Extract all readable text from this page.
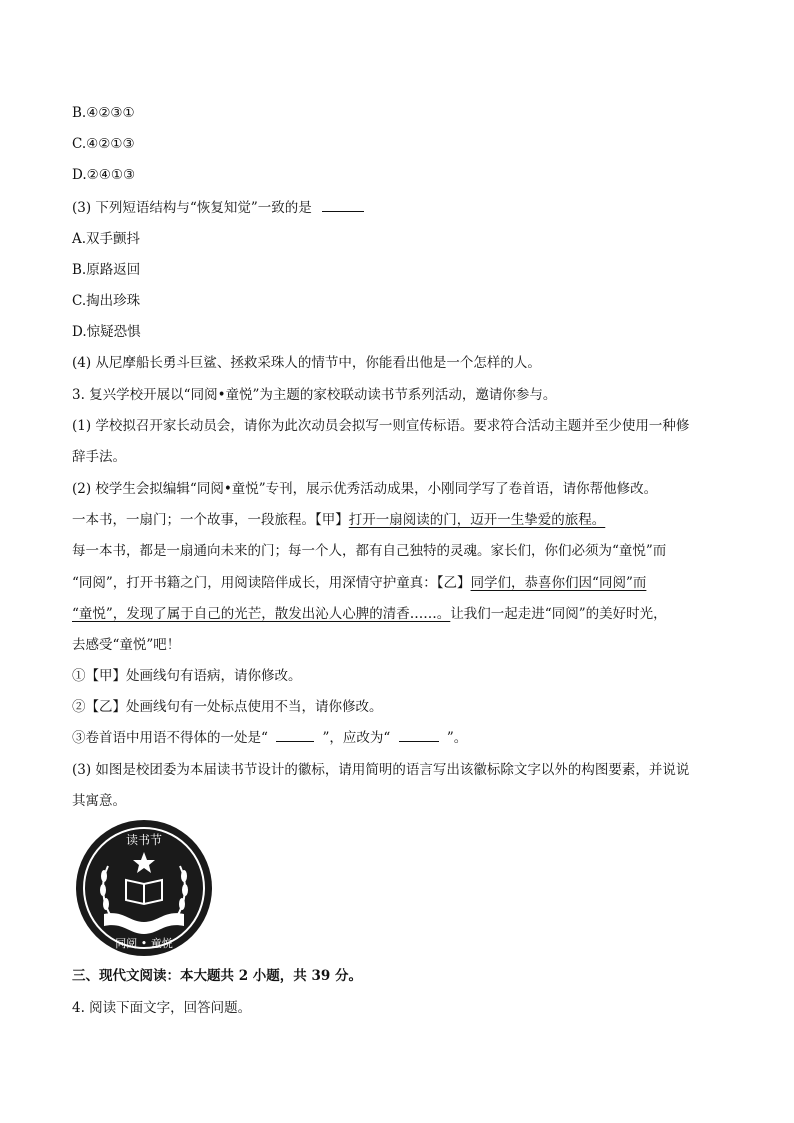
B.④②③①
C.④②①③
D.②④①③
(3) 下列短语结构与“恢复知觉”一致的是
A.双手颤抖
B.原路返回
C.掏出珍珠
D.惊疑恐惧
(4) 从尼摩船长勇斗巨鲨、拯救采珠人的情节中，你能看出他是一个怎样的人。
3. 复兴学校开展以“同阅•童悦”为主题的家校联动读书节系列活动，邀请你参与。
(1) 学校拟召开家长动员会，请你为此次动员会拟写一则宣传标语。要求符合活动主题并至少使用一种修
辞手法。
(2) 校学生会拟编辑“同阅•童悦”专刊，展示优秀活动成果，小刚同学写了卷首语，请你帮他修改。
一本书，一扇门；一个故事，一段旅程。【甲】打开一扇阅读的门，迈开一生挚爱的旅程。
每一本书，都是一扇通向未来的门；每一个人，都有自己独特的灵魂。家长们，你们必须为“童悦”而
“同阅”，打开书籍之门，用阅读陪伴成长，用深情守护童真：【乙】同学们，恭喜你们因“同阅”而
“童悦”，发现了属于自己的光芒，散发出沁人心脾的清香……。让我们一起走进“同阅”的美好时光，
去感受“童悦”吧！
①【甲】处画线句有语病，请你修改。
②【乙】处画线句有一处标点使用不当，请你修改。
③卷首语中用语不得体的一处是“	”，应改为“	”。
(3) 如图是校团委为本届读书节设计的徽标，请用简明的语言写出该徽标除文字以外的构图要素，并说说
其寓意。
读书节
同阅 • 童悦
三、现代文阅读：本大题共 2 小题，共 39 分。
4. 阅读下面文字，回答问题。
